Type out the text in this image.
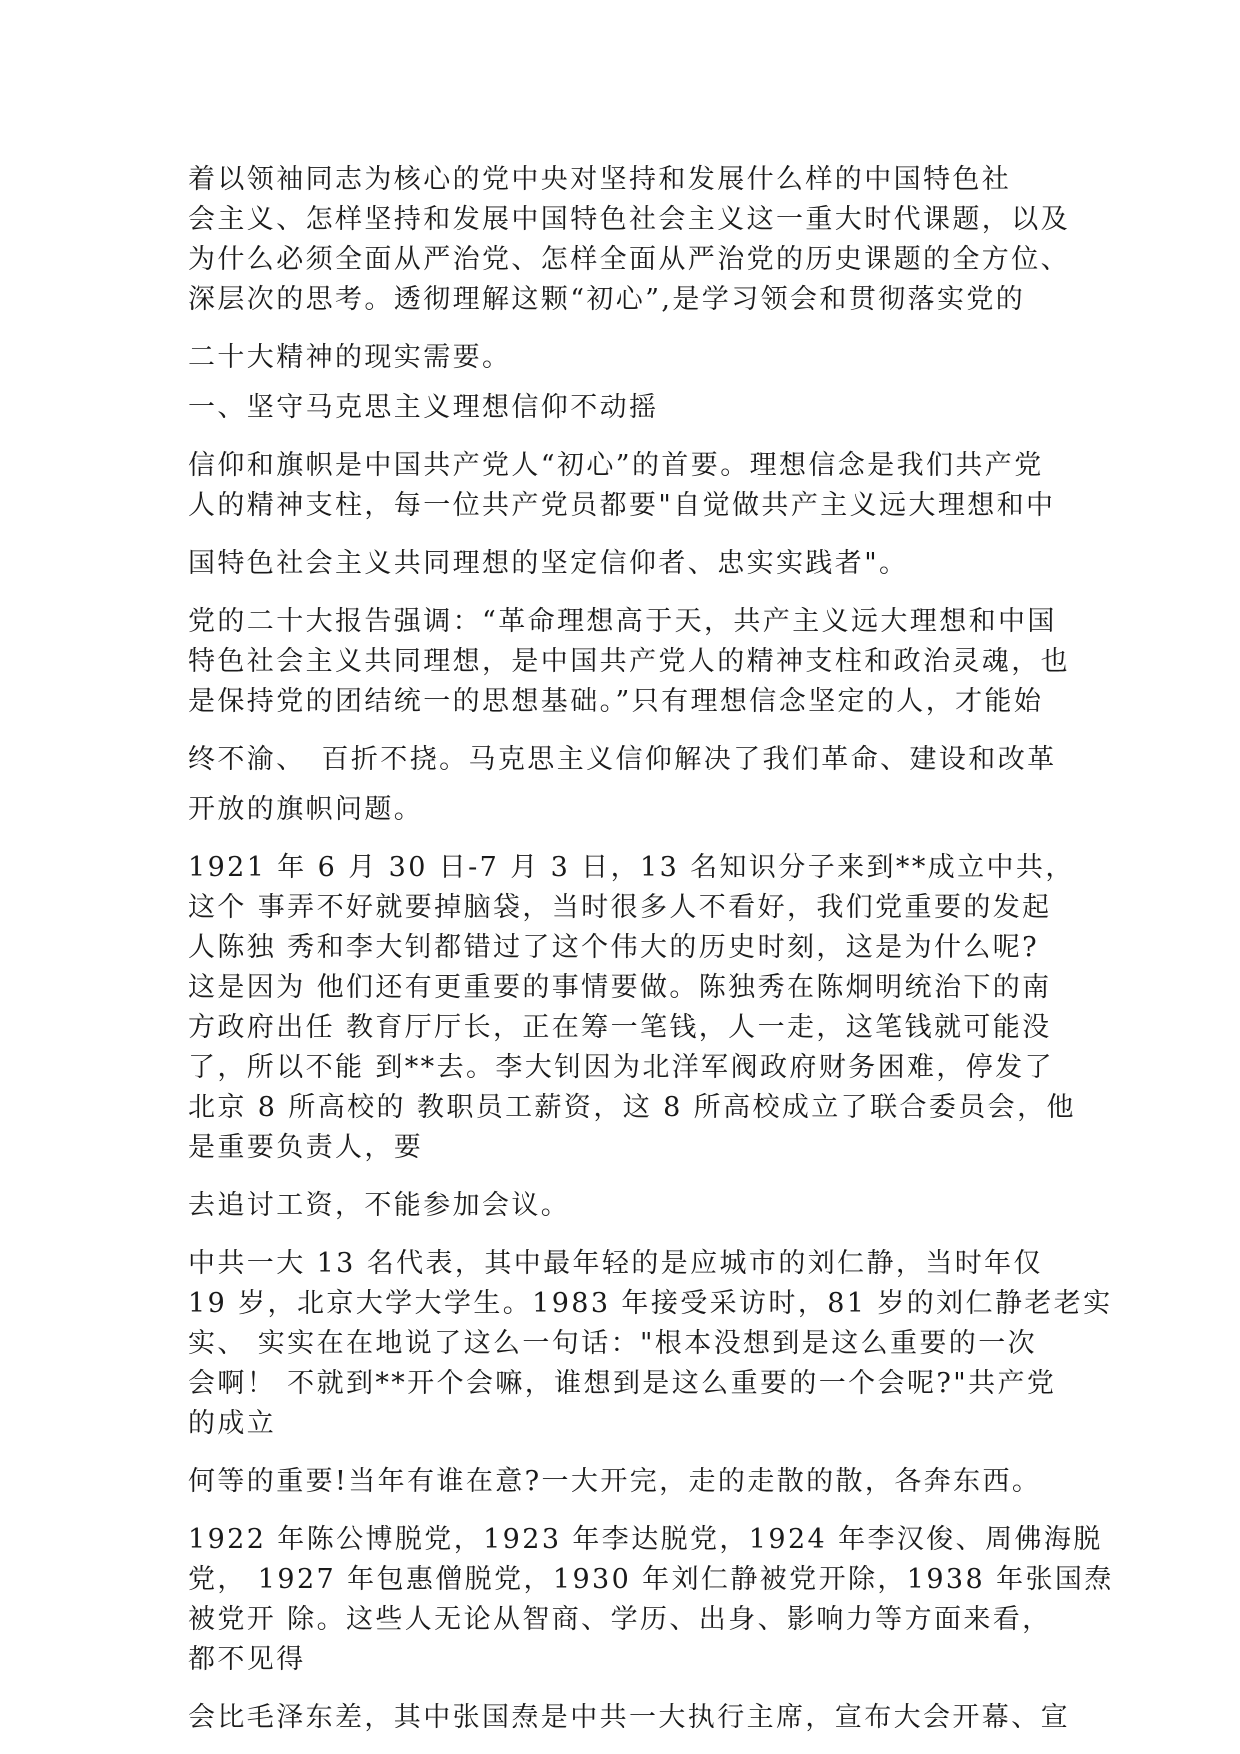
着以领袖同志为核心的党中央对坚持和发展什么样的中国特色社
会主义、怎样坚持和发展中国特色社会主义这一重大时代课题，以及
为什么必须全面从严治党、怎样全面从严治党的历史课题的全方位、
深层次的思考。透彻理解这颗“初心”,是学习领会和贯彻落实党的

二十大精神的现实需要。

一、坚守马克思主义理想信仰不动摇

信仰和旗帜是中国共产党人“初心”的首要。理想信念是我们共产党
人的精神支柱，每一位共产党员都要"自觉做共产主义远大理想和中

国特色社会主义共同理想的坚定信仰者、忠实实践者"。

党的二十大报告强调：“革命理想高于天，共产主义远大理想和中国
特色社会主义共同理想，是中国共产党人的精神支柱和政治灵魂，也
是保持党的团结统一的思想基础。”只有理想信念坚定的人，才能始

终不渝、　百折不挠。马克思主义信仰解决了我们革命、建设和改革

开放的旗帜问题。

1921 年 6 月 30 日-7 月 3 日，13 名知识分子来到**成立中共，
这个 事弄不好就要掉脑袋，当时很多人不看好，我们党重要的发起
人陈独 秀和李大钊都错过了这个伟大的历史时刻，这是为什么呢?
这是因为 他们还有更重要的事情要做。陈独秀在陈炯明统治下的南
方政府出任 教育厅厅长，正在筹一笔钱，人一走，这笔钱就可能没
了，所以不能 到**去。李大钊因为北洋军阀政府财务困难，停发了
北京 8 所高校的 教职员工薪资，这 8 所高校成立了联合委员会，他
是重要负责人，要

去追讨工资，不能参加会议。

中共一大 13 名代表，其中最年轻的是应城市的刘仁静，当时年仅
19 岁，北京大学大学生。1983 年接受采访时，81 岁的刘仁静老老实
实、 实实在在地说了这么一句话："根本没想到是这么重要的一次
会啊！ 不就到**开个会嘛，谁想到是这么重要的一个会呢?"共产党
的成立

何等的重要!当年有谁在意?一大开完，走的走散的散，各奔东西。

1922 年陈公博脱党，1923 年李达脱党，1924 年李汉俊、周佛海脱
党， 1927 年包惠僧脱党，1930 年刘仁静被党开除，1938 年张国焘
被党开 除。这些人无论从智商、学历、出身、影响力等方面来看，
都不见得

会比毛泽东差，其中张国焘是中共一大执行主席，宣布大会开幕、宣
